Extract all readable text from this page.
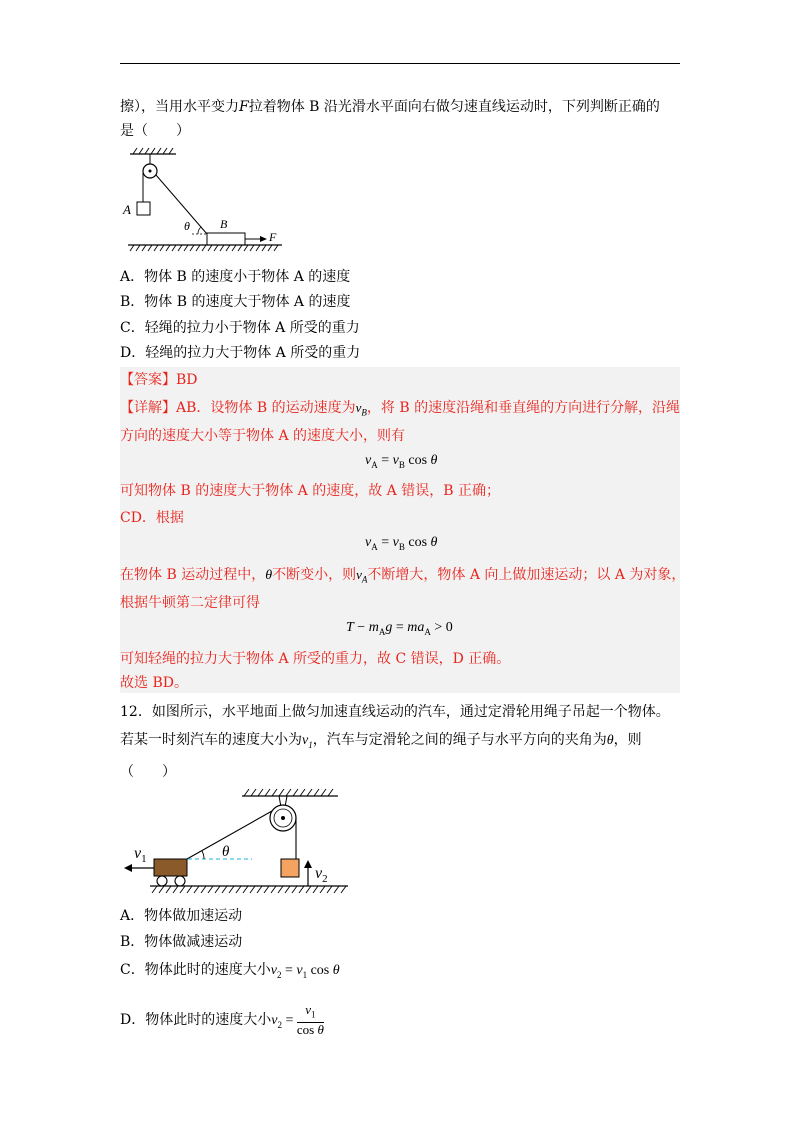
擦），当用水平变力F拉着物体 B 沿光滑水平面向右做匀速直线运动时，下列判断正确的
是（　　）
A
θ	B
F
A．物体 B 的速度小于物体 A 的速度
B．物体 B 的速度大于物体 A 的速度
C．轻绳的拉力小于物体 A 所受的重力
D．轻绳的拉力大于物体 A 所受的重力
【答案】BD
【详解】AB．设物体 B 的运动速度为$v_B$，将 B 的速度沿绳和垂直绳的方向进行分解，沿绳
方向的速度大小等于物体 A 的速度大小，则有
$v_A = v_B$ cos θ
可知物体 B 的速度大于物体 A 的速度，故 A 错误，B 正确；
CD．根据
$v_A = v_B$ cos θ
在物体 B 运动过程中，θ不断变小，则$v_A$不断增大，物体 A 向上做加速运动；以 A 为对象，
根据牛顿第二定律可得
$T - m_Ag = ma_A > 0$
可知轻绳的拉力大于物体 A 所受的重力，故 C 错误，D 正确。
故选 BD。
12．如图所示，水平地面上做匀加速直线运动的汽车，通过定滑轮用绳子吊起一个物体。
若某一时刻汽车的速度大小为$v_1$，汽车与定滑轮之间的绳子与水平方向的夹角为θ，则
（　　）
$v_2$
θ
$v_1$
A．物体做加速运动
B．物体做减速运动
C．物体此时的速度大小$v_2 = v_1$ cos θ
D．物体此时的速度大小$v_2 = \frac{v_1}{\text{cos θ}}$
